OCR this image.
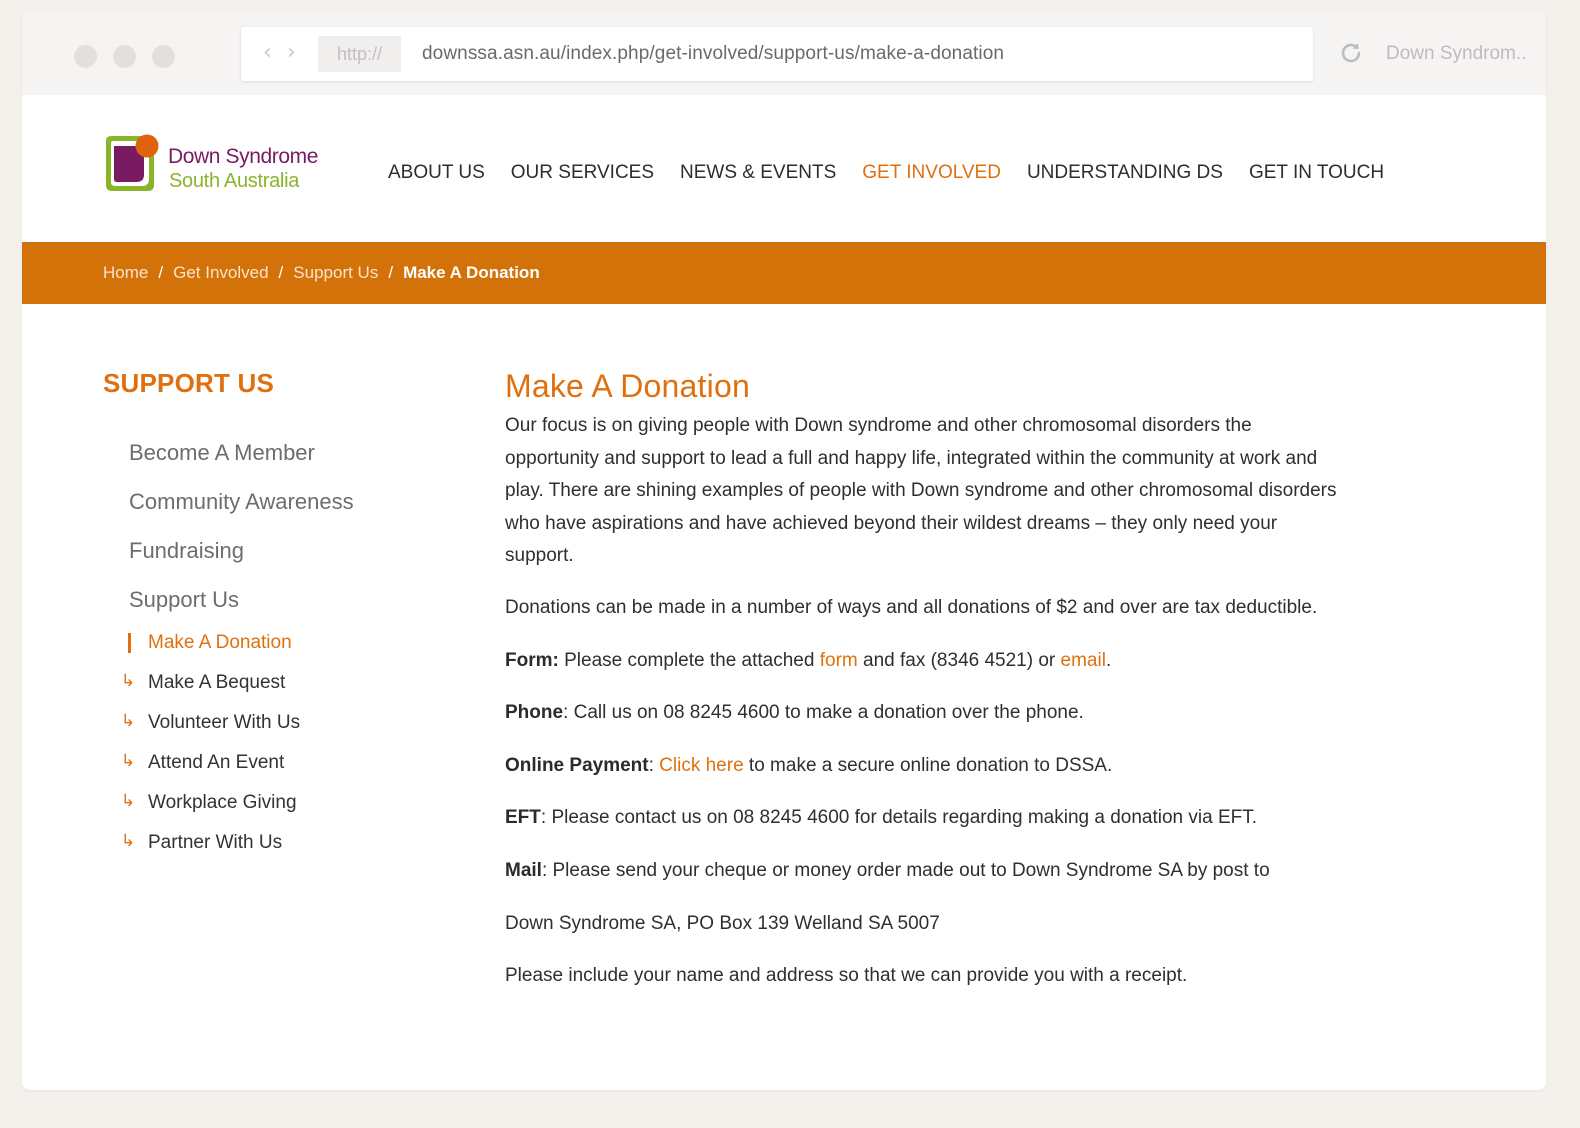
‹ ›	http://	downssa.asn.au/index.php/get-involved/support-us/make-a-donation	Down Syndrom..
Down Syndrome
South Australia	ABOUT US OUR SERVICES NEWS & EVENTS GET INVOLVED UNDERSTANDING DS GET IN TOUCH
Home / Get Involved / Support Us / Make A Donation
SUPPORT US
Become A Member
Community Awareness
Fundraising
Support Us
Make A Donation
↳ Make A Bequest
↳ Volunteer With Us
↳ Attend An Event
↳ Workplace Giving
↳ Partner With Us
Make A Donation

Our focus is on giving people with Down syndrome and other chromosomal disorders the opportunity and support to lead a full and happy life, integrated within the community at work and play. There are shining examples of people with Down syndrome and other chromosomal disorders who have aspirations and have achieved beyond their wildest dreams – they only need your support.

Donations can be made in a number of ways and all donations of $2 and over are tax deductible.

Form: Please complete the attached form and fax (8346 4521) or email.

Phone: Call us on 08 8245 4600 to make a donation over the phone.

Online Payment: Click here to make a secure online donation to DSSA.

EFT: Please contact us on 08 8245 4600 for details regarding making a donation via EFT.

Mail: Please send your cheque or money order made out to Down Syndrome SA by post to

Down Syndrome SA, PO Box 139 Welland SA 5007

Please include your name and address so that we can provide you with a receipt.
